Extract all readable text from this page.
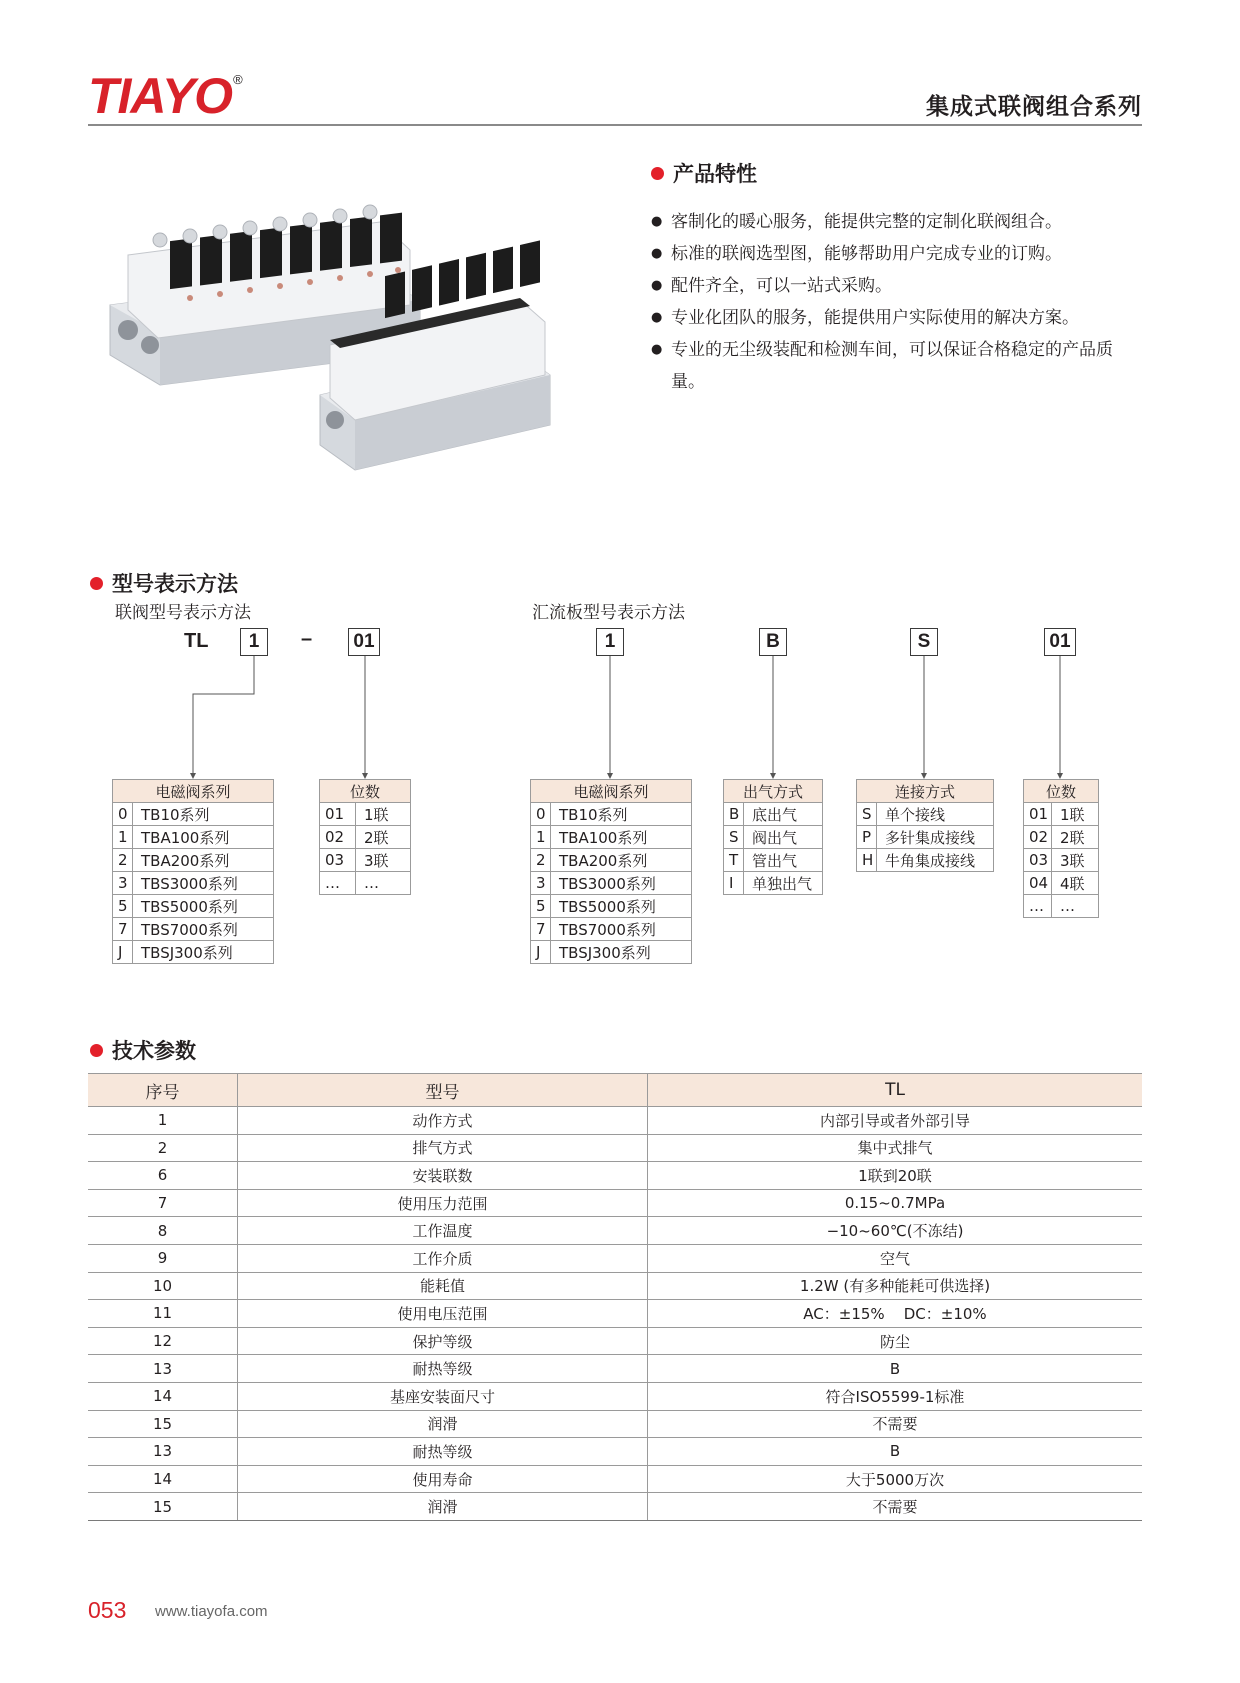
TIAYO ®
集成式联阀组合系列
产品特性
● 客制化的暖心服务，能提供完整的定制化联阀组合。
● 标准的联阀选型图，能够帮助用户完成专业的订购。
● 配件齐全，可以一站式采购。
● 专业化团队的服务，能提供用户实际使用的解决方案。
● 专业的无尘级装配和检测车间，可以保证合格稳定的产品质量。
型号表示方法
联阀型号表示方法	汇流板型号表示方法
TL	1	– 01	1	B	S	01
电磁阀系列	
0	TB10系列
1	TBA100系列
2	TBA200系列
3	TBS3000系列
5	TBS5000系列
7	TBS7000系列
J	TBSJ300系列
位数	
01	1联
02	2联
03	3联
…	…
电磁阀系列	
0	TB10系列
1	TBA100系列
2	TBA200系列
3	TBS3000系列
5	TBS5000系列
7	TBS7000系列
J	TBSJ300系列
出气方式	
B	底出气
S	阀出气
T	管出气
I	单独出气
连接方式	
S	单个接线
P	多针集成接线
H	牛角集成接线
位数	
01	1联
02	2联
03	3联
04	4联
…	…
技术参数
序号	型号	TL
1	动作方式	内部引导或者外部引导
2	排气方式	集中式排气
6	安装联数	1联到20联
7	使用压力范围	0.15~0.7MPa
8	工作温度	−10~60℃(不冻结)
9	工作介质	空气
10	能耗值	1.2W (有多种能耗可供选择)
11	使用电压范围	AC：±15%    DC：±10%
12	保护等级	防尘
13	耐热等级	B
14	基座安装面尺寸	符合ISO5599-1标准
15	润滑	不需要
13	耐热等级	B
14	使用寿命	大于5000万次
15	润滑	不需要
053 www.tiayofa.com
